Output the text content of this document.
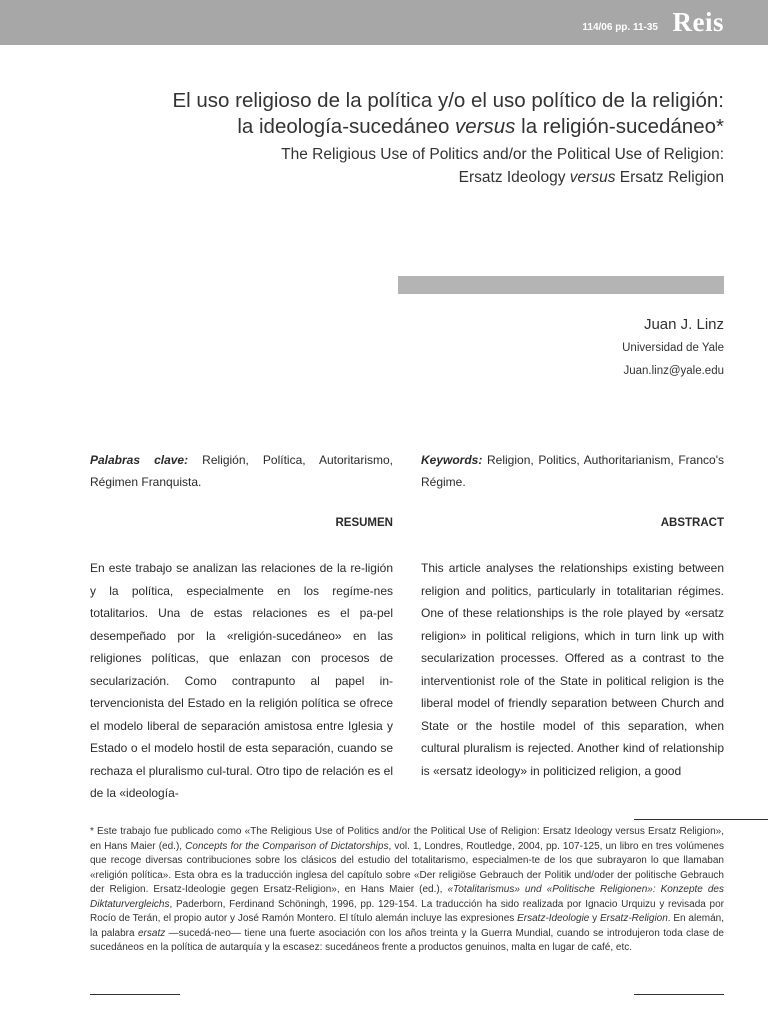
114/06 pp. 11-35 Reis
El uso religioso de la política y/o el uso político de la religión:
la ideología-sucedáneo versus la religión-sucedáneo*
The Religious Use of Politics and/or the Political Use of Religion:
Ersatz Ideology versus Ersatz Religion
Juan J. Linz
Universidad de Yale
Juan.linz@yale.edu

Palabras clave: Religión, Política, Autoritarismo, Régimen Franquista.

Keywords: Religion, Politics, Authoritarianism, Franco's Régime.

RESUMEN	ABSTRACT

En este trabajo se analizan las relaciones de la re-ligión y la política, especialmente en los regíme-nes totalitarios. Una de estas relaciones es el pa-pel desempeñado por la «religión-sucedáneo» en las religiones políticas, que enlazan con procesos de secularización. Como contrapunto al papel in-tervencionista del Estado en la religión política se ofrece el modelo liberal de separación amistosa entre Iglesia y Estado o el modelo hostil de esta separación, cuando se rechaza el pluralismo cul-tural. Otro tipo de relación es el de la «ideología-

This article analyses the relationships existing between religion and politics, particularly in totalitarian régimes. One of these relationships is the role played by «ersatz religion» in political religions, which in turn link up with secularization processes. Offered as a contrast to the interventionist role of the State in political religion is the liberal model of friendly separation between Church and State or the hostile model of this separation, when cultural pluralism is rejected. Another kind of relationship is «ersatz ideology» in politicized religion, a good

* Este trabajo fue publicado como «The Religious Use of Politics and/or the Political Use of Religion: Ersatz Ideology versus Ersatz Religion», en Hans Maier (ed.), Concepts for the Comparison of Dictatorships, vol. 1, Londres, Routledge, 2004, pp. 107-125, un libro en tres volúmenes que recoge diversas contribuciones sobre los clásicos del estudio del totalitarismo, especialmen-te de los que subrayaron lo que llamaban «religión política». Esta obra es la traducción inglesa del capítulo sobre «Der religiöse Gebrauch der Politik und/oder der politische Gebrauch der Religion. Ersatz-Ideologie gegen Ersatz-Religion», en Hans Maier (ed.), «Totalitarismus» und «Politische Religionen»: Konzepte des Diktaturvergleichs, Paderborn, Ferdinand Schöningh, 1996, pp. 129-154. La traducción ha sido realizada por Ignacio Urquizu y revisada por Rocío de Terán, el propio autor y José Ramón Montero. El título alemán incluye las expresiones Ersatz-Ideologie y Ersatz-Religion. En alemán, la palabra ersatz —sucedá-neo— tiene una fuerte asociación con los años treinta y la Guerra Mundial, cuando se introdujeron toda clase de sucedáneos en la política de autarquía y la escasez: sucedáneos frente a productos genuinos, malta en lugar de café, etc.
